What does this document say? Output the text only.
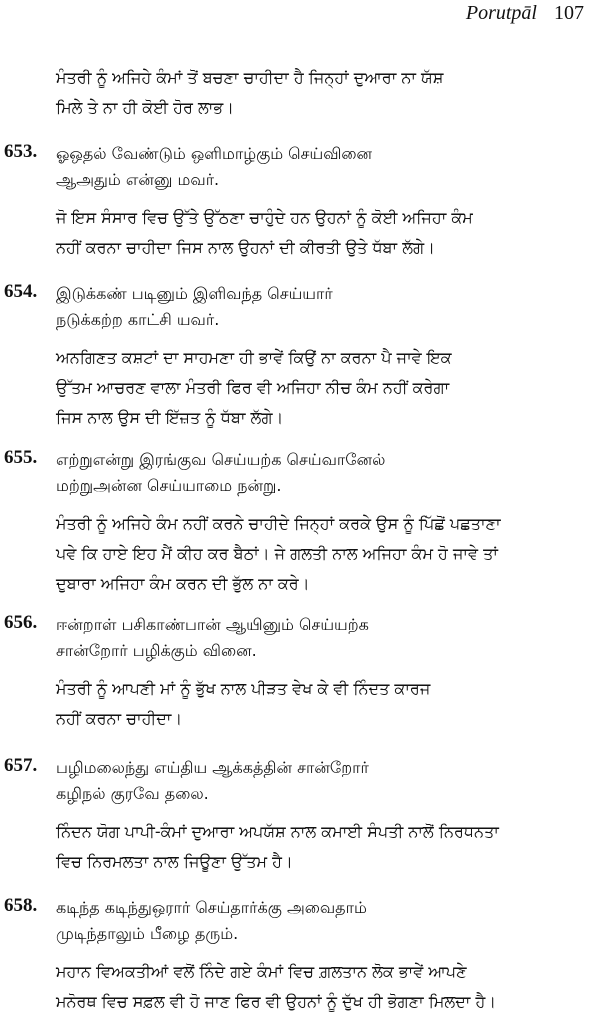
Porutpāl 107
ਮੰਤਰੀ ਨੂੰ ਅਜਿਹੇ ਕੰਮਾਂ ਤੋਂ ਬਚਣਾ ਚਾਹੀਦਾ ਹੈ ਜਿਨ੍ਹਾਂ ਦੁਆਰਾ ਨਾ ਯੱਸ਼
ਮਿਲੇ ਤੇ ਨਾ ਹੀ ਕੋਈ ਹੋਰ ਲਾਭ।
653. ஓஒதல் வேண்டும் ஒளிமாழ்கும் செய்வினை
ஆஅதும் என்னு மவர்.
ਜੋ ਇਸ ਸੰਸਾਰ ਵਿਚ ਉੱਤੇ ਉੱਠਣਾ ਚਾਹੁੰਦੇ ਹਨ ਉਹਨਾਂ ਨੂੰ ਕੋਈ ਅਜਿਹਾ ਕੰਮ
ਨਹੀਂ ਕਰਨਾ ਚਾਹੀਦਾ ਜਿਸ ਨਾਲ ਉਹਨਾਂ ਦੀ ਕੀਰਤੀ ਉਤੇ ਧੱਬਾ ਲੱਗੇ।
654. இடுக்கண் படினும் இளிவந்த செய்யார்
நடுக்கற்ற காட்சி யவர்.
ਅਨਗਿਣਤ ਕਸ਼ਟਾਂ ਦਾ ਸਾਹਮਣਾ ਹੀ ਭਾਵੇਂ ਕਿਉਂ ਨਾ ਕਰਨਾ ਪੈ ਜਾਵੇ ਇਕ
ਉੱਤਮ ਆਚਰਣ ਵਾਲਾ ਮੰਤਰੀ ਫਿਰ ਵੀ ਅਜਿਹਾ ਨੀਚ ਕੰਮ ਨਹੀਂ ਕਰੇਗਾ
ਜਿਸ ਨਾਲ ਉਸ ਦੀ ਇੱਜ਼ਤ ਨੂੰ ਧੱਬਾ ਲੱਗੇ।
655. எற்றுஎன்று இரங்குவ செய்யற்க செய்வானேல்
மற்றுஅன்ன செய்யாமை நன்று.
ਮੰਤਰੀ ਨੂੰ ਅਜਿਹੇ ਕੰਮ ਨਹੀਂ ਕਰਨੇ ਚਾਹੀਦੇ ਜਿਨ੍ਹਾਂ ਕਰਕੇ ਉਸ ਨੂੰ ਪਿੱਛੋਂ ਪਛਤਾਣਾ
ਪਵੇ ਕਿ ਹਾਏ ਇਹ ਮੈਂ ਕੀਹ ਕਰ ਬੈਠਾਂ। ਜੇ ਗਲਤੀ ਨਾਲ ਅਜਿਹਾ ਕੰਮ ਹੋ ਜਾਵੇ ਤਾਂ
ਦੁਬਾਰਾ ਅਜਿਹਾ ਕੰਮ ਕਰਨ ਦੀ ਭੁੱਲ ਨਾ ਕਰੇ।
656. ஈன்றாள் பசிகாண்பான் ஆயினும் செய்யற்க
சான்றோர் பழிக்கும் வினை.
ਮੰਤਰੀ ਨੂੰ ਆਪਣੀ ਮਾਂ ਨੂੰ ਭੁੱਖ ਨਾਲ ਪੀੜਤ ਵੇਖ ਕੇ ਵੀ ਨਿੰਦਤ ਕਾਰਜ
ਨਹੀਂ ਕਰਨਾ ਚਾਹੀਦਾ।
657. பழிமலைந்து எய்திய ஆக்கத்தின் சான்றோர்
கழிநல் குரவே தலை.
ਨਿੰਦਨ ਯੋਗ ਪਾਪੀ-ਕੰਮਾਂ ਦੁਆਰਾ ਅਪਯੱਸ਼ ਨਾਲ ਕਮਾਈ ਸੰਪਤੀ ਨਾਲੋਂ ਨਿਰਧਨਤਾ
ਵਿਚ ਨਿਰਮਲਤਾ ਨਾਲ ਜਿਊਣਾ ਉੱਤਮ ਹੈ।
658. கடிந்த கடிந்துஒரார் செய்தார்க்கு அவைதாம்
முடிந்தாலும் பீழை தரும்.
ਮਹਾਨ ਵਿਅਕਤੀਆਂ ਵਲੋਂ ਨਿੰਦੇ ਗਏ ਕੰਮਾਂ ਵਿਚ ਗ਼ਲਤਾਨ ਲੋਕ ਭਾਵੇਂ ਆਪਣੇ
ਮਨੋਰਥ ਵਿਚ ਸਫ਼ਲ ਵੀ ਹੋ ਜਾਣ ਫਿਰ ਵੀ ਉਹਨਾਂ ਨੂੰ ਦੁੱਖ ਹੀ ਭੋਗਣਾ ਮਿਲਦਾ ਹੈ।
